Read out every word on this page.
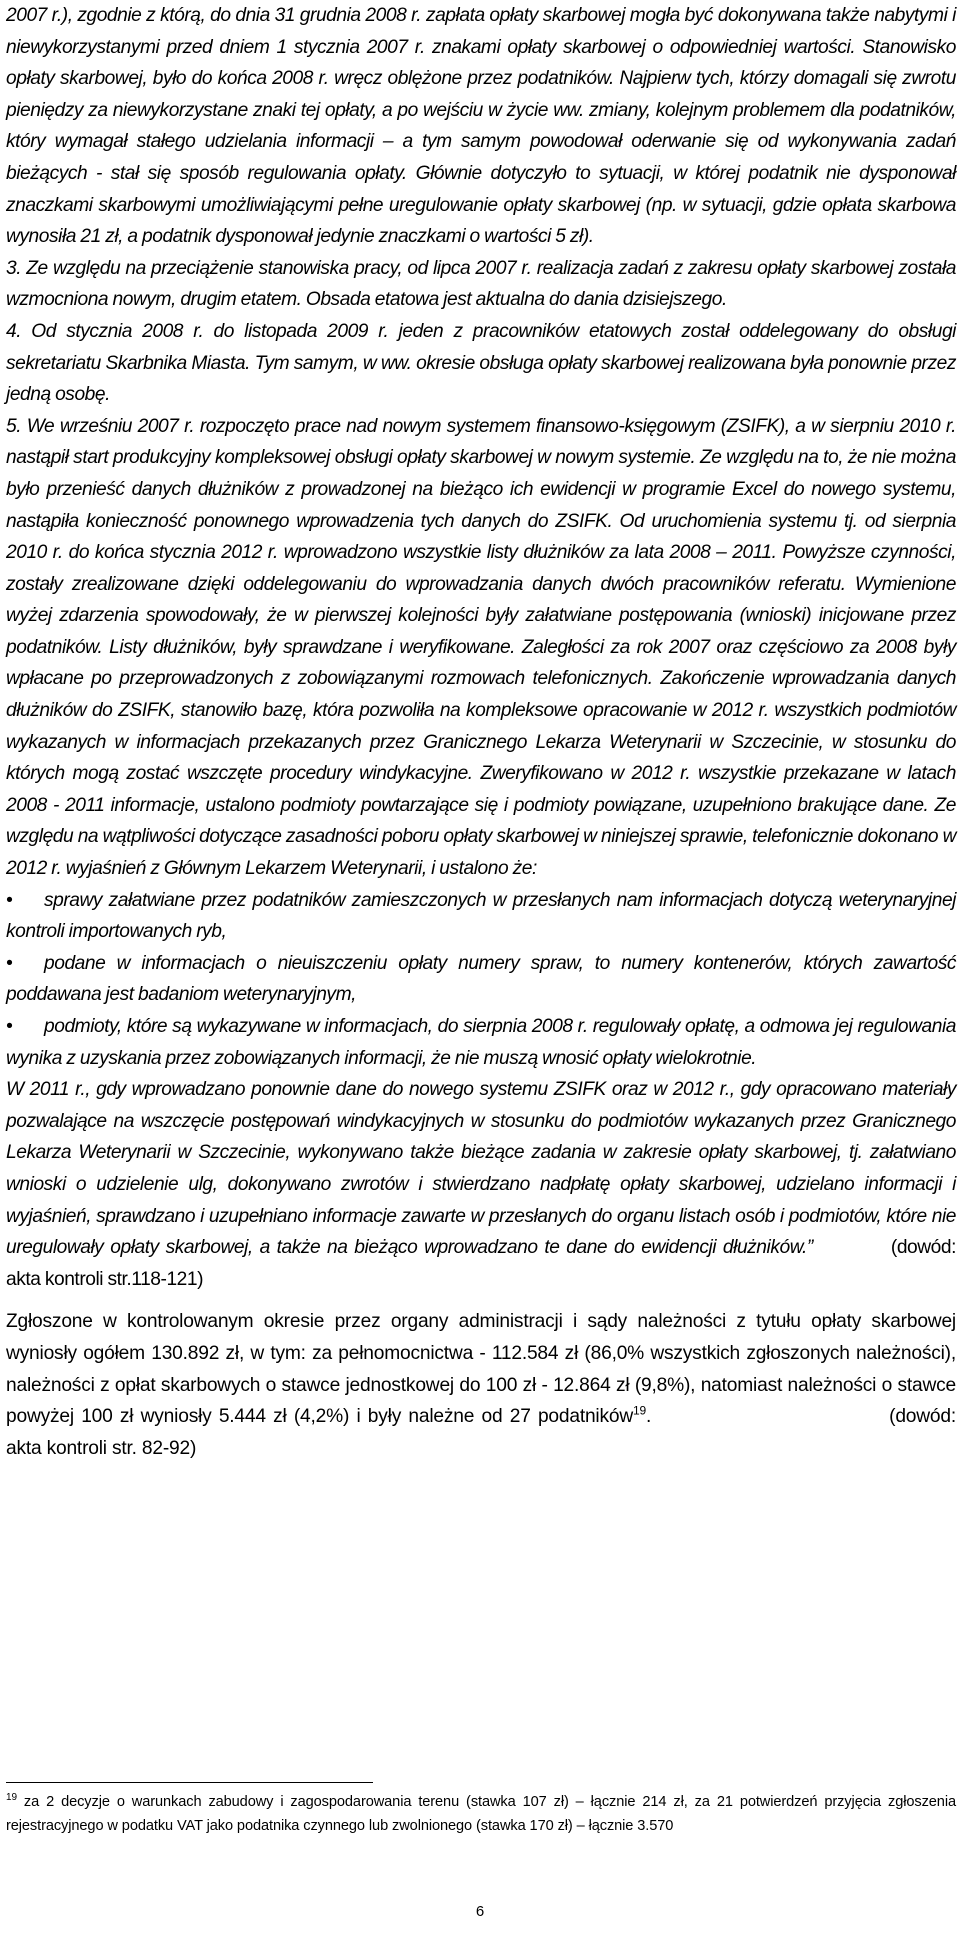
2007 r.), zgodnie z którą, do dnia 31 grudnia 2008 r. zapłata opłaty skarbowej mogła być dokonywana także nabytymi i niewykorzystanymi przed dniem 1 stycznia 2007 r. znakami opłaty skarbowej o odpowiedniej wartości. Stanowisko opłaty skarbowej, było do końca 2008 r. wręcz oblężone przez podatników. Najpierw tych, którzy domagali się zwrotu pieniędzy za niewykorzystane znaki tej opłaty, a po wejściu w życie ww. zmiany, kolejnym problemem dla podatników, który wymagał stałego udzielania informacji – a tym samym powodował oderwanie się od wykonywania zadań bieżących - stał się sposób regulowania opłaty. Głównie dotyczyło to sytuacji, w której podatnik nie dysponował znaczkami skarbowymi umożliwiającymi pełne uregulowanie opłaty skarbowej (np. w sytuacji, gdzie opłata skarbowa wynosiła 21 zł, a podatnik dysponował jedynie znaczkami o wartości 5 zł).

3. Ze względu na przeciążenie stanowiska pracy, od lipca 2007 r. realizacja zadań z zakresu opłaty skarbowej została wzmocniona nowym, drugim etatem. Obsada etatowa jest aktualna do dania dzisiejszego.

4. Od stycznia 2008 r. do listopada 2009 r. jeden z pracowników etatowych został oddelegowany do obsługi sekretariatu Skarbnika Miasta. Tym samym, w ww. okresie obsługa opłaty skarbowej realizowana była ponownie przez jedną osobę.

5. We wrześniu 2007 r. rozpoczęto prace nad nowym systemem finansowo-księgowym (ZSIFK), a w sierpniu 2010 r. nastąpił start produkcyjny kompleksowej obsługi opłaty skarbowej w nowym systemie. Ze względu na to, że nie można było przenieść danych dłużników z prowadzonej na bieżąco ich ewidencji w programie Excel do nowego systemu, nastąpiła konieczność ponownego wprowadzenia tych danych do ZSIFK. Od uruchomienia systemu tj. od sierpnia 2010 r. do końca stycznia 2012 r. wprowadzono wszystkie listy dłużników za lata 2008 – 2011. Powyższe czynności, zostały zrealizowane dzięki oddelegowaniu do wprowadzania danych dwóch pracowników referatu. Wymienione wyżej zdarzenia spowodowały, że w pierwszej kolejności były załatwiane postępowania (wnioski) inicjowane przez podatników. Listy dłużników, były sprawdzane i weryfikowane. Zaległości za rok 2007 oraz częściowo za 2008 były wpłacane po przeprowadzonych z zobowiązanymi rozmowach telefonicznych. Zakończenie wprowadzania danych dłużników do ZSIFK, stanowiło bazę, która pozwoliła na kompleksowe opracowanie w 2012 r. wszystkich podmiotów wykazanych w informacjach przekazanych przez Granicznego Lekarza Weterynarii w Szczecinie, w stosunku do których mogą zostać wszczęte procedury windykacyjne. Zweryfikowano w 2012 r. wszystkie przekazane w latach 2008 - 2011 informacje, ustalono podmioty powtarzające się i podmioty powiązane, uzupełniono brakujące dane. Ze względu na wątpliwości dotyczące zasadności poboru opłaty skarbowej w niniejszej sprawie, telefonicznie dokonano w 2012 r. wyjaśnień z Głównym Lekarzem Weterynarii, i ustalono że:

• sprawy załatwiane przez podatników zamieszczonych w przesłanych nam informacjach dotyczą weterynaryjnej kontroli importowanych ryb,

• podane w informacjach o nieuiszczeniu opłaty numery spraw, to numery kontenerów, których zawartość poddawana jest badaniom weterynaryjnym,

• podmioty, które są wykazywane w informacjach, do sierpnia 2008 r. regulowały opłatę, a odmowa jej regulowania wynika z uzyskania przez zobowiązanych informacji, że nie muszą wnosić opłaty wielokrotnie.

W 2011 r., gdy wprowadzano ponownie dane do nowego systemu ZSIFK oraz w 2012 r., gdy opracowano materiały pozwalające na wszczęcie postępowań windykacyjnych w stosunku do podmiotów wykazanych przez Granicznego Lekarza Weterynarii w Szczecinie, wykonywano także bieżące zadania w zakresie opłaty skarbowej, tj. załatwiano wnioski o udzielenie ulg, dokonywano zwrotów i stwierdzano nadpłatę opłaty skarbowej, udzielano informacji i wyjaśnień, sprawdzano i uzupełniano informacje zawarte w przesłanych do organu listach osób i podmiotów, które nie uregulowały opłaty skarbowej, a także na bieżąco wprowadzano te dane do ewidencji dłużników.”	(dowód: akta kontroli str.118-121)

Zgłoszone w kontrolowanym okresie przez organy administracji i sądy należności z tytułu opłaty skarbowej wyniosły ogółem 130.892 zł, w tym: za pełnomocnictwa - 112.584 zł (86,0% wszystkich zgłoszonych należności), należności z opłat skarbowych o stawce jednostkowej do 100 zł - 12.864 zł (9,8%), natomiast należności o stawce powyżej 100 zł wyniosły 5.444 zł (4,2%) i były należne od 27 podatników$^{19}$.	(dowód: akta kontroli str. 82-92)

$^{19}$ za 2 decyzje o warunkach zabudowy i zagospodarowania terenu (stawka 107 zł) – łącznie 214 zł, za 21 potwierdzeń przyjęcia zgłoszenia rejestracyjnego w podatku VAT jako podatnika czynnego lub zwolnionego (stawka 170 zł) – łącznie 3.570
6
